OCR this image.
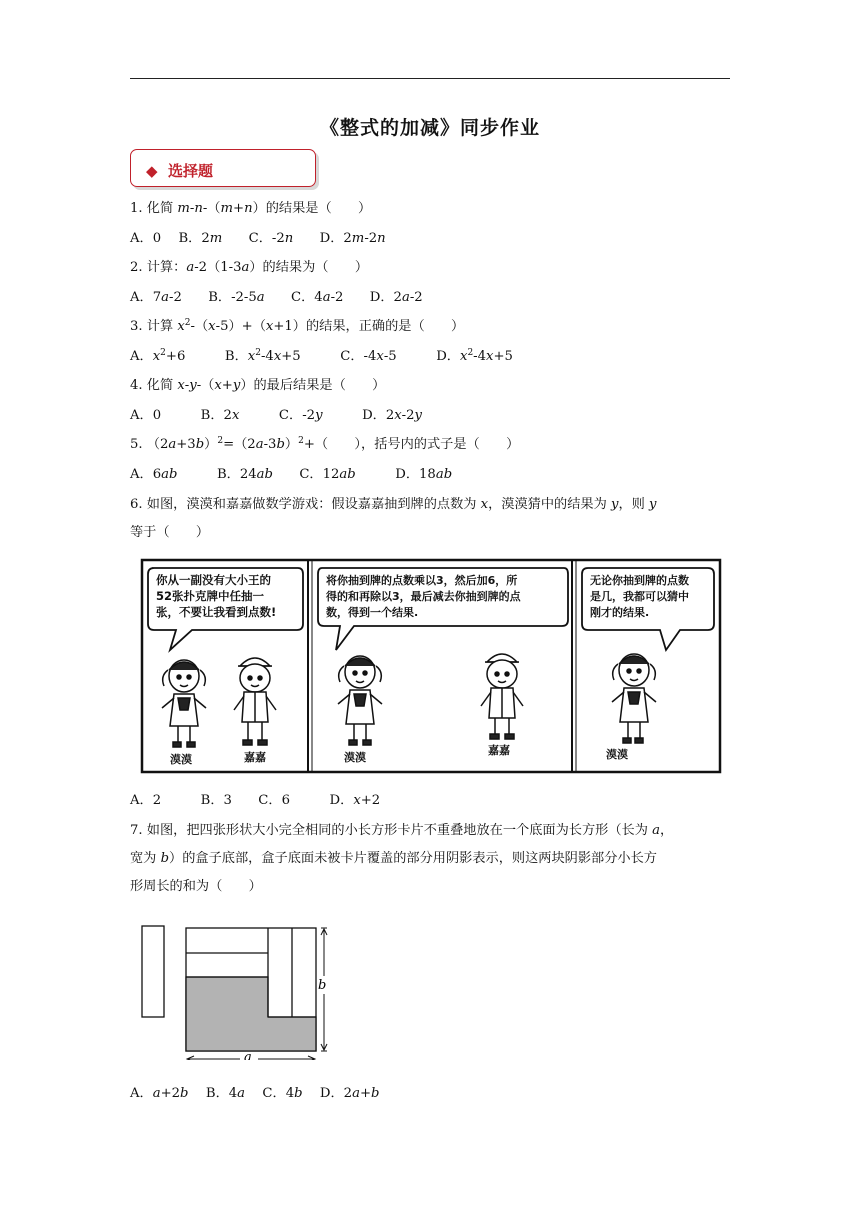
《整式的加减》同步作业
◆ 选择题
1. 化简 m-n-（m+n）的结果是（　　）
A．0　 B．2m　　C．-2n　　D．2m-2n
2. 计算：a-2（1-3a）的结果为（　　）
A．7a-2　　B．-2-5a　　C．4a-2　　D．2a-2
3. 计算 $x^2-(x-5)+(x+1)$的结果，正确的是（　　）
A．$x^2+6$　　　B．$x^2-4x+5$　　　C．-4x-5　　　D．$x^2-4x+5$
4. 化简 x-y-（x+y）的最后结果是（　　）
A．0　　　B．2x　　　C．-2y　　　D．2x-2y
5. $(2a+3b)^2=(2a-3b)^2+$（　　），括号内的式子是（　　）
A．6ab　　　B．24ab　　C．12ab　　　D．18ab
6. 如图，漠漠和嘉嘉做数学游戏：假设嘉嘉抽到牌的点数为 x，漠漠猜中的结果为 y，则 y
等于（　　）
你从一副没有大小王的
52张扑克牌中任抽一
张，不要让我看到点数!
将你抽到牌的点数乘以3，然后加6，所
得的和再除以3，最后减去你抽到牌的点
数，得到一个结果.
无论你抽到牌的点数
是几，我都可以猜中
刚才的结果.
漠漠	嘉嘉	漠漠
嘉嘉	漠漠
A．2　　　B．3　　C．6　　　D．x+2
7. 如图，把四张形状大小完全相同的小长方形卡片不重叠地放在一个底面为长方形（长为 a，
宽为 b）的盒子底部，盒子底面未被卡片覆盖的部分用阴影表示，则这两块阴影部分小长方
形周长的和为（　　）
b
a
A．a+2b　 B．4a　 C．4b　 D．2a+b
